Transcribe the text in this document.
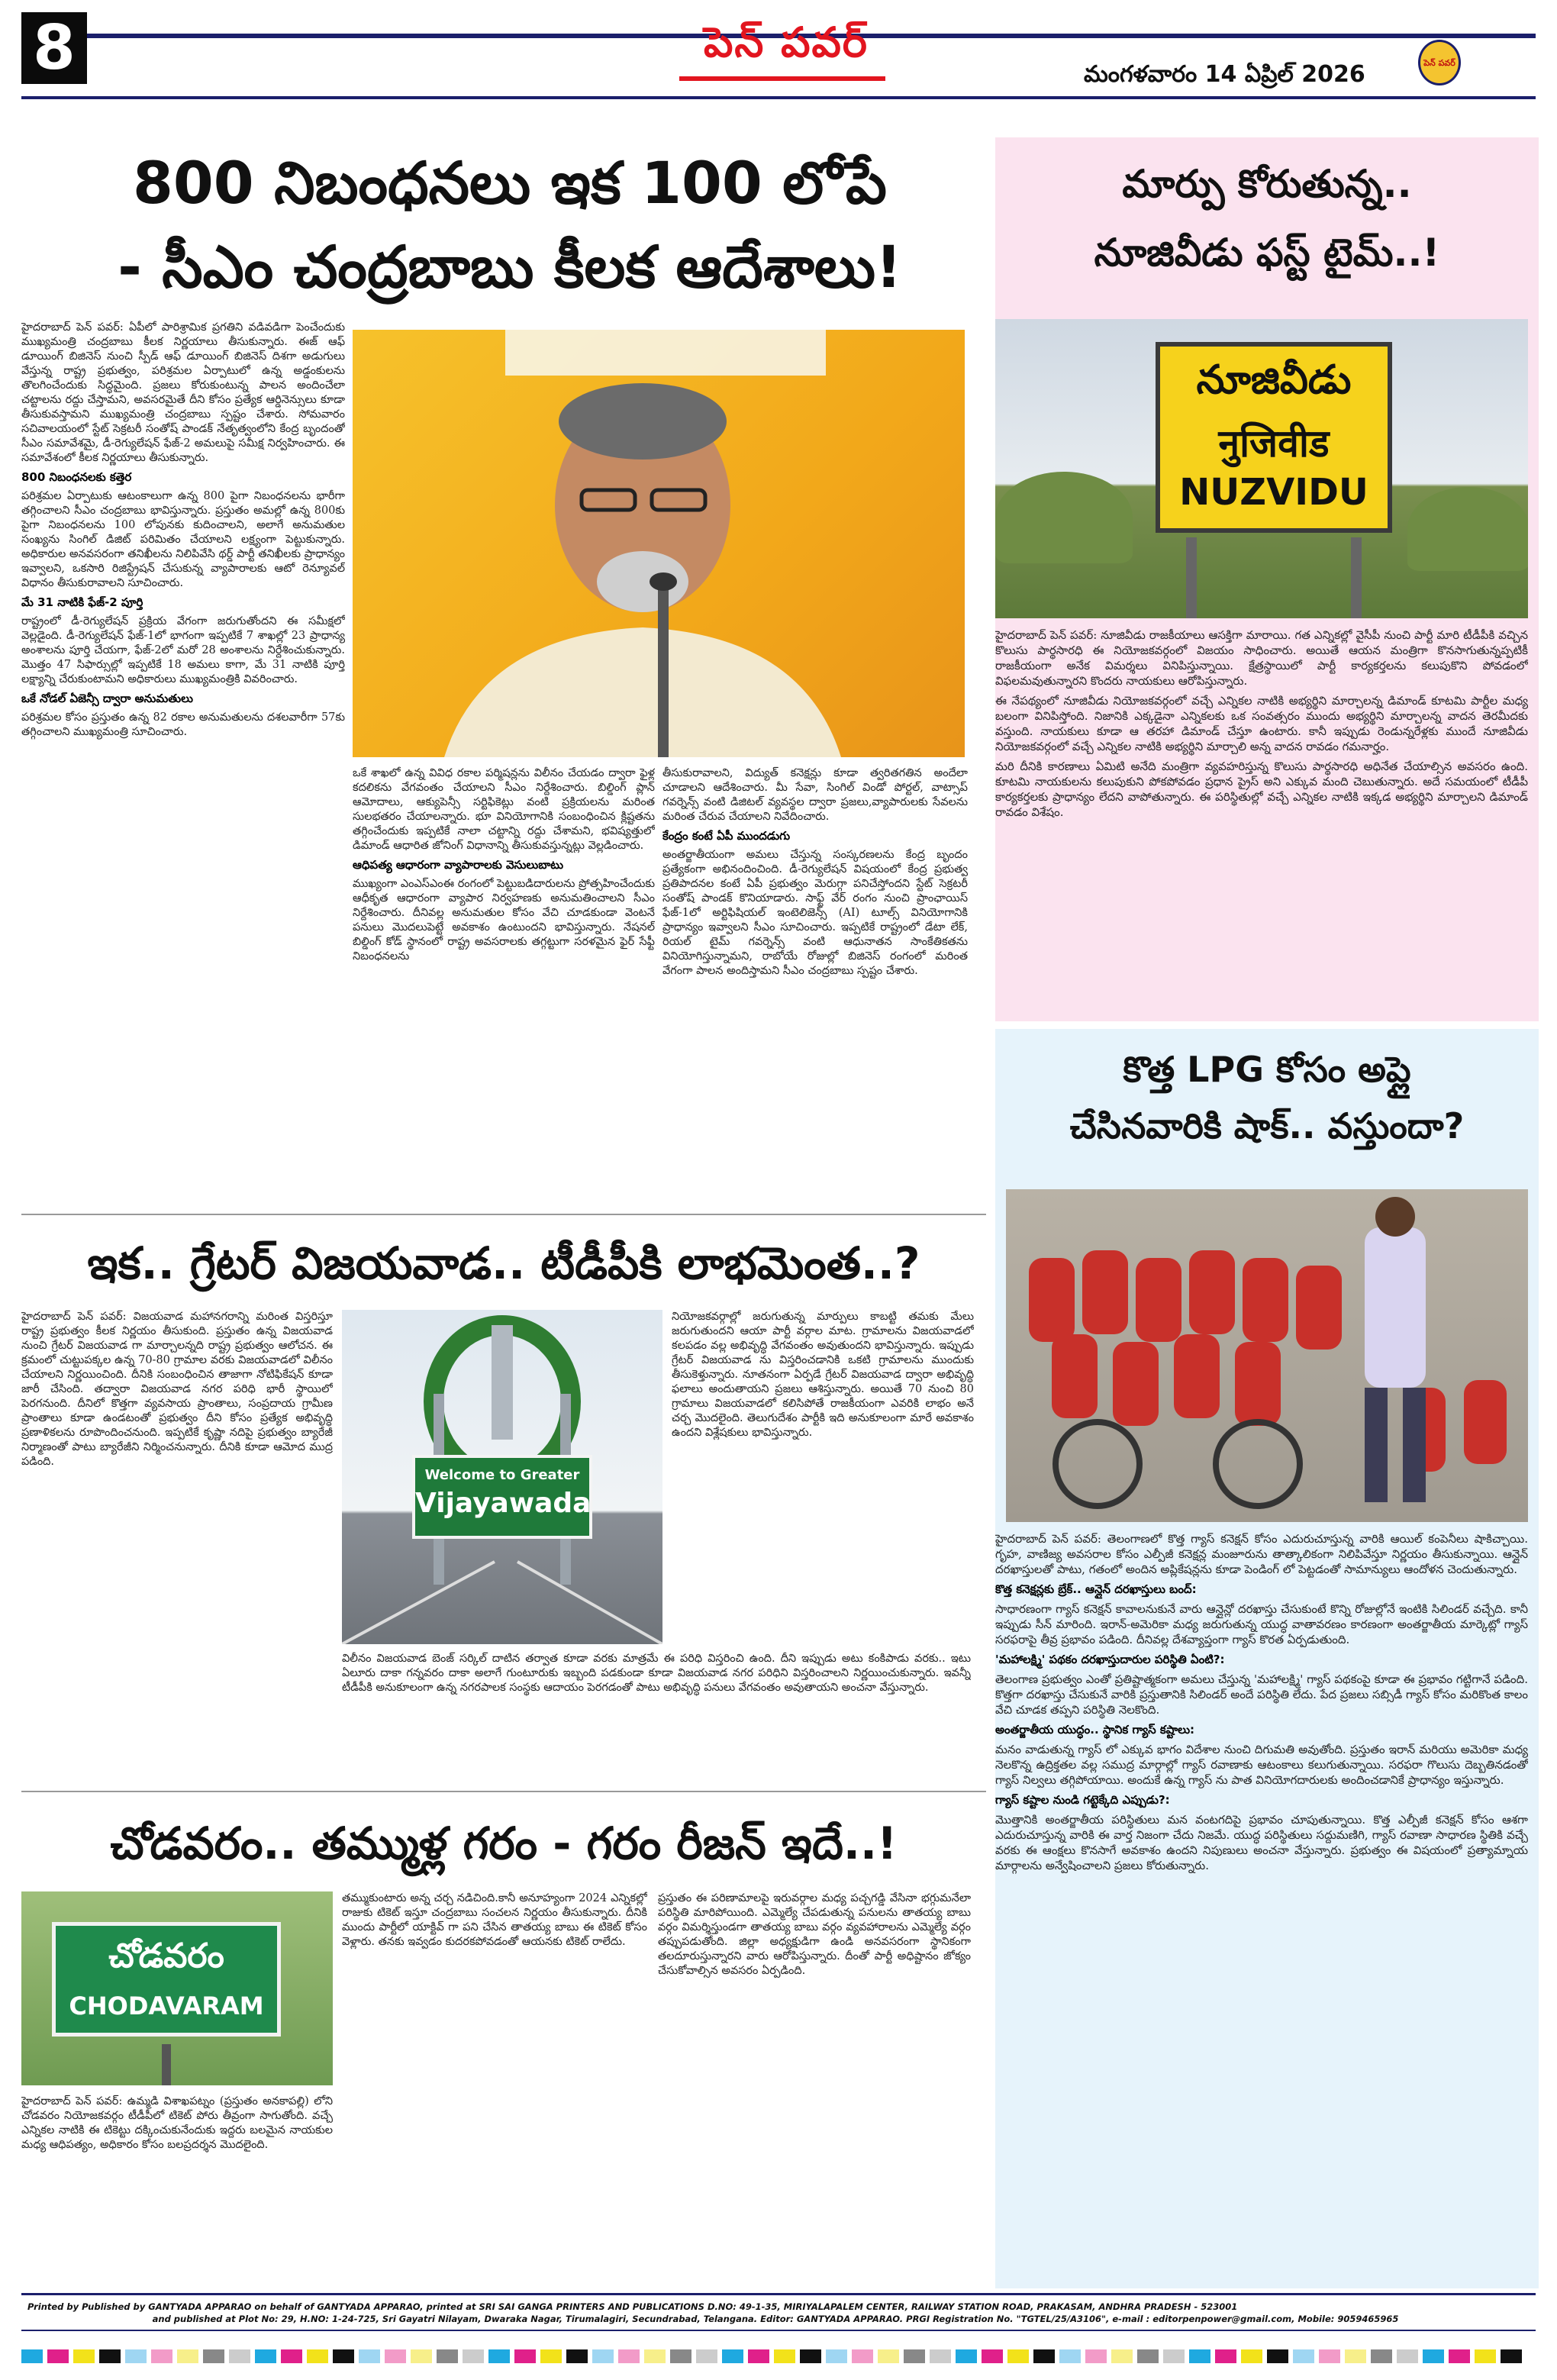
8	పెన్ పవర్
మంగళవారం 14 ఏప్రిల్ 2026	పెన్ పవర్
800 నిబంధనలు ఇక 100 లోపే
- సీఎం చంద్రబాబు కీలక ఆదేశాలు!

హైదరాబాద్ పెన్ పవర్: ఏపీలో పారిశ్రామిక ప్రగతిని వడివడిగా పెంచేందుకు ముఖ్యమంత్రి చంద్రబాబు కీలక నిర్ణయాలు తీసుకున్నారు. ఈజ్ ఆఫ్ డూయింగ్ బిజినెస్ నుంచి స్పీడ్ ఆఫ్ డూయింగ్ బిజినెస్ దిశగా అడుగులు వేస్తున్న రాష్ట్ర ప్రభుత్వం, పరిశ్రమల ఏర్పాటులో ఉన్న అడ్డంకులను తొలగించేందుకు సిద్ధమైంది. ప్రజలు కోరుకుంటున్న పాలన అందించేలా చట్టాలను రద్దు చేస్తామని, అవసరమైతే దీని కోసం ప్రత్యేక ఆర్డినెన్సులు కూడా తీసుకువస్తామని ముఖ్యమంత్రి చంద్రబాబు స్పష్టం చేశారు. సోమవారం సచివాలయంలో స్టేట్ సెక్రటరీ సంతోష్ పాండక్ నేతృత్వంలోని కేంద్ర బృందంతో సీఎం సమావేశమై, డీ-రెగ్యులేషన్ ఫేజ్-2 అమలుపై సమీక్ష నిర్వహించారు. ఈ సమావేశంలో కీలక నిర్ణయాలు తీసుకున్నారు.

800 నిబంధనలకు కత్తెర

పరిశ్రమల ఏర్పాటుకు ఆటంకాలుగా ఉన్న 800 పైగా నిబంధనలను భారీగా తగ్గించాలని సీఎం చంద్రబాబు భావిస్తున్నారు. ప్రస్తుతం అమల్లో ఉన్న 800కు పైగా నిబంధనలను 100 లోపునకు కుదించాలని, అలాగే అనుమతుల సంఖ్యను సింగిల్ డిజిట్ పరిమితం చేయాలని లక్ష్యంగా పెట్టుకున్నారు. అధికారుల అనవసరంగా తనిఖీలను నిలిపివేసి థర్డ్ పార్టీ తనిఖీలకు ప్రాధాన్యం ఇవ్వాలని, ఒకసారి రిజిస్ట్రేషన్ చేసుకున్న వ్యాపారాలకు ఆటో రెన్యూవల్ విధానం తీసుకురావాలని సూచించారు.

మే 31 నాటికి ఫేజ్-2 పూర్తి

రాష్ట్రంలో డీ-రెగ్యులేషన్ ప్రక్రియ వేగంగా జరుగుతోందని ఈ సమీక్షలో వెల్లడైంది. డీ-రెగ్యులేషన్ ఫేజ్-1లో భాగంగా ఇప్పటికే 7 శాఖల్లో 23 ప్రాధాన్య అంశాలను పూర్తి చేయగా, ఫేజ్-2లో మరో 28 అంశాలను నిర్దేశించుకున్నారు. మొత్తం 47 సిఫార్సుల్లో ఇప్పటికే 18 అమలు కాగా, మే 31 నాటికి పూర్తి లక్ష్యాన్ని చేరుకుంటామని అధికారులు ముఖ్యమంత్రికి వివరించారు.

ఒకే నోడల్ ఏజెన్సీ ద్వారా అనుమతులు

పరిశ్రమల కోసం ప్రస్తుతం ఉన్న 82 రకాల అనుమతులను దశలవారీగా 57కు తగ్గించాలని ముఖ్యమంత్రి సూచించారు.

ఒకే శాఖలో ఉన్న వివిధ రకాల పర్మిషన్లను విలీనం చేయడం ద్వారా ఫైళ్ల కదలికను వేగవంతం చేయాలని సీఎం నిర్దేశించారు. బిల్డింగ్ ప్లాన్ ఆమోదాలు, ఆక్యుపెన్సీ సర్టిఫికెట్లు వంటి ప్రక్రియలను మరింత సులభతరం చేయాలన్నారు. భూ వినియోగానికి సంబంధించిన క్లిష్టతను తగ్గించేందుకు ఇప్పటికే నాలా చట్టాన్ని రద్దు చేశామని, భవిష్యత్తులో డిమాండ్ ఆధారిత జోనింగ్ విధానాన్ని తీసుకువస్తున్నట్లు వెల్లడించారు.

ఆధిపత్య ఆధారంగా వ్యాపారాలకు వెసులుబాటు

ముఖ్యంగా ఎంఎస్ఎంఈ రంగంలో పెట్టుబడిదారులను ప్రోత్సహించేందుకు ఆధీకృత ఆధారంగా వ్యాపార నిర్వహణకు అనుమతించాలని సీఎం నిర్దేశించారు. దీనివల్ల అనుమతుల కోసం వేచి చూడకుండా వెంటనే పనులు మొదలుపెట్టే అవకాశం ఉంటుందని భావిస్తున్నారు. నేషనల్ బిల్డింగ్ కోడ్ స్థానంలో రాష్ట్ర అవసరాలకు తగ్గట్టుగా సరళమైన ఫైర్ సేఫ్టీ నిబంధనలను

తీసుకురావాలని, విద్యుత్ కనెక్షన్లు కూడా త్వరితగతిన అందేలా చూడాలని ఆదేశించారు. మీ సేవా, సింగిల్ విండో పోర్టల్, వాట్సాప్ గవర్నెన్స్ వంటి డిజిటల్ వ్యవస్థల ద్వారా ప్రజలు,వ్యాపారులకు సేవలను మరింత చేరువ చేయాలని నివేదించారు.

కేంద్రం కంటే ఏపీ ముందడుగు

అంతర్జాతీయంగా అమలు చేస్తున్న సంస్కరణలను కేంద్ర బృందం ప్రత్యేకంగా అభినందించింది. డీ-రెగ్యులేషన్ విషయంలో కేంద్ర ప్రభుత్వ ప్రతిపాదనల కంటే ఏపీ ప్రభుత్వం మెరుగ్గా పనిచేస్తోందని స్టేట్ సెక్రటరీ సంతోష్ పాండక్ కొనియాడారు. సాఫ్ట్ వేర్ రంగం నుంచి ప్రాంఛాయిస్ ఫేజ్-1లో అర్టిఫిషియల్ ఇంటెలిజెన్స్ (AI) టూల్స్ వినియోగానికి ప్రాధాన్యం ఇవ్వాలని సీఎం సూచించారు. ఇప్పటికే రాష్ట్రంలో డేటా లేక్, రియల్ టైమ్ గవర్నెన్స్ వంటి ఆధునాతన సాంకేతికతను వినియోగిస్తున్నామని, రాబోయే రోజుల్లో బిజినెస్ రంగంలో మరింత వేగంగా పాలన అందిస్తామని సీఎం చంద్రబాబు స్పష్టం చేశారు.

మార్పు కోరుతున్న..
నూజివీడు ఫస్ట్ టైమ్..!
నూజివీడు
नुजिवीड
NUZVIDU

హైదరాబాద్ పెన్ పవర్: నూజివీడు రాజకీయాలు ఆసక్తిగా మారాయి. గత ఎన్నికల్లో వైసీపీ నుంచి పార్టీ మారి టీడీపీకి వచ్చిన కొలుసు పార్థసారధి ఈ నియోజకవర్గంలో విజయం సాధించారు. అయితే ఆయన మంత్రిగా కొనసాగుతున్నప్పటికీ రాజకీయంగా అనేక విమర్శలు వినిపిస్తున్నాయి. క్షేత్రస్థాయిలో పార్టీ కార్యకర్తలను కలుపుకొని పోవడంలో విఫలమవుతున్నారని కొందరు నాయకులు ఆరోపిస్తున్నారు.

ఈ నేపథ్యంలో నూజివీడు నియోజకవర్గంలో వచ్చే ఎన్నికల నాటికి అభ్యర్థిని మార్చాలన్న డిమాండ్ కూటమి పార్టీల మధ్య బలంగా వినిపిస్తోంది. నిజానికి ఎక్కడైనా ఎన్నికలకు ఒక సంవత్సరం ముందు అభ్యర్థిని మార్చాలన్న వాదన తెరమీదకు వస్తుంది. నాయకులు కూడా ఆ తరహా డిమాండ్ చేస్తూ ఉంటారు. కానీ ఇప్పుడు రెండున్నరేళ్లకు ముందే నూజివీడు నియోజకవర్గంలో వచ్చే ఎన్నికల నాటికి అభ్యర్థిని మార్చాలి అన్న వాదన రావడం గమనార్హం.

మరి దీనికి కారణాలు ఏమిటి అనేది మంత్రిగా వ్యవహరిస్తున్న కొలుసు పార్థసారధి అధినేత చేయాల్సిన అవసరం ఉంది. కూటమి నాయకులను కలుపుకుని పోకపోవడం ప్రధాన ప్రైస్ అని ఎక్కువ మంది చెబుతున్నారు. అదే సమయంలో టీడీపీ కార్యకర్తలకు ప్రాధాన్యం లేదని వాపోతున్నారు. ఈ పరిస్థితుల్లో వచ్చే ఎన్నికల నాటికి ఇక్కడ అభ్యర్థిని మార్చాలని డిమాండ్ రావడం విశేషం.

ఇక.. గ్రేటర్ విజయవాడ.. టీడీపీకి లాభమెంత..?

హైదరాబాద్ పెన్ పవర్: విజయవాడ మహానగరాన్ని మరింత విస్తరిస్తూ రాష్ట్ర ప్రభుత్వం కీలక నిర్ణయం తీసుకుంది. ప్రస్తుతం ఉన్న విజయవాడ నుంచి గ్రేటర్ విజయవాడ గా మార్చాలన్నది రాష్ట్ర ప్రభుత్వం ఆలోచన. ఈ క్రమంలో చుట్టుపక్కల ఉన్న 70-80 గ్రామాల వరకు విజయవాడలో విలీనం చేయాలని నిర్ణయించింది. దీనికి సంబంధించిన తాజాగా నోటిఫికేషన్ కూడా జారీ చేసింది. తద్వారా విజయవాడ నగర పరిధి భారీ స్థాయిలో పెరగనుంది. దీనిలో కొత్తగా వ్యవసాయ ప్రాంతాలు, సంప్రదాయ గ్రామీణ ప్రాంతాలు కూడా ఉండటంతో ప్రభుత్వం దీని కోసం ప్రత్యేక అభివృద్ధి ప్రణాళికలను రూపొందించనుంది. ఇప్పటికే కృష్ణా నదిపై ప్రభుత్వం బ్యారేజీ నిర్మాణంతో పాటు బ్యారేజీని నిర్మించనున్నారు. దీనికి కూడా ఆమోద ముద్ర పడింది.

Welcome to Greater
Vijayawada

విలీనం విజయవాడ బెంజ్ సర్కిల్ దాటిన తర్వాత కూడా వరకు మాత్రమే ఈ పరిధి విస్తరించి ఉంది. దీని ఇప్పుడు అటు కంకిపాడు వరకు.. ఇటు ఏలూరు దాకా గన్నవరం దాకా అలాగే గుంటూరుకు ఇబ్బంది పడకుండా కూడా విజయవాడ నగర పరిధిని విస్తరించాలని నిర్ణయించుకున్నారు. ఇవన్నీ టీడీపీకి అనుకూలంగా ఉన్న నగరపాలక సంస్థకు ఆదాయం పెరగడంతో పాటు అభివృద్ధి పనులు వేగవంతం అవుతాయని అంచనా వేస్తున్నారు.

నియోజకవర్గాల్లో జరుగుతున్న మార్పులు కాబట్టి తమకు మేలు జరుగుతుందని ఆయా పార్టీ వర్గాల మాట. గ్రామాలను విజయవాడలో కలపడం వల్ల అభివృద్ధి వేగవంతం అవుతుందని భావిస్తున్నారు. ఇప్పుడు గ్రేటర్ విజయవాడ ను విస్తరించడానికి ఒకటి గ్రామాలను ముందుకు తీసుకెళ్తున్నారు. నూతనంగా ఏర్పడే గ్రేటర్ విజయవాడ ద్వారా అభివృద్ధి ఫలాలు అందుతాయని ప్రజలు ఆశిస్తున్నారు. అయితే 70 నుంచి 80 గ్రామాలు విజయవాడలో కలిసిపోతే రాజకీయంగా ఎవరికి లాభం అనే చర్చ మొదలైంది. తెలుగుదేశం పార్టీకి ఇది అనుకూలంగా మారే అవకాశం ఉందని విశ్లేషకులు భావిస్తున్నారు.

కొత్త LPG కోసం అప్లై
చేసినవారికి షాక్.. వస్తుందా?

హైదరాబాద్ పెన్ పవర్: తెలంగాణలో కొత్త గ్యాస్ కనెక్షన్ కోసం ఎదురుచూస్తున్న వారికి ఆయిల్ కంపెనీలు షాకిచ్చాయి. గృహ, వాణిజ్య అవసరాల కోసం ఎల్పీజీ కనెక్షన్ల మంజూరును తాత్కాలికంగా నిలిపివేస్తూ నిర్ణయం తీసుకున్నాయి. ఆన్లైన్ దరఖాస్తులతో పాటు, గతంలో అందిన అప్లికేషన్లను కూడా పెండింగ్ లో పెట్టడంతో సామాన్యులు ఆందోళన చెందుతున్నారు.

కొత్త కనెక్షన్లకు బ్రేక్.. ఆన్లైన్ దరఖాస్తులు బంద్:

సాధారణంగా గ్యాస్ కనెక్షన్ కావాలనుకునే వారు ఆన్లైన్లో దరఖాస్తు చేసుకుంటే కొన్ని రోజుల్లోనే ఇంటికి సిలిండర్ వచ్చేది. కానీ ఇప్పుడు సీన్ మారింది. ఇరాన్-అమెరికా మధ్య జరుగుతున్న యుద్ధ వాతావరణం కారణంగా అంతర్జాతీయ మార్కెట్లో గ్యాస్ సరఫరాపై తీవ్ర ప్రభావం పడింది. దీనివల్ల దేశవ్యాప్తంగా గ్యాస్ కొరత ఏర్పడుతుంది.

'మహాలక్ష్మి' పథకం దరఖాస్తుదారుల పరిస్థితి ఏంటి?:

తెలంగాణ ప్రభుత్వం ఎంతో ప్రతిష్టాత్మకంగా అమలు చేస్తున్న 'మహాలక్ష్మి' గ్యాస్ పథకంపై కూడా ఈ ప్రభావం గట్టిగానే పడింది. కొత్తగా దరఖాస్తు చేసుకునే వారికి ప్రస్తుతానికి సిలిండర్ అందే పరిస్థితి లేదు. పేద ప్రజలు సబ్సిడీ గ్యాస్ కోసం మరికొంత కాలం వేచి చూడక తప్పని పరిస్థితి నెలకొంది.

అంతర్జాతీయ యుద్ధం.. స్థానిక గ్యాస్ కష్టాలు:

మనం వాడుతున్న గ్యాస్ లో ఎక్కువ భాగం విదేశాల నుంచి దిగుమతి అవుతోంది. ప్రస్తుతం ఇరాన్ మరియు అమెరికా మధ్య నెలకొన్న ఉద్రిక్తతల వల్ల సముద్ర మార్గాల్లో గ్యాస్ రవాణాకు ఆటంకాలు కలుగుతున్నాయి. సరఫరా గొలుసు దెబ్బతినడంతో గ్యాస్ నిల్వలు తగ్గిపోయాయి. అందుకే ఉన్న గ్యాస్ ను పాత వినియోగదారులకు అందించడానికే ప్రాధాన్యం ఇస్తున్నారు.

గ్యాస్ కష్టాల నుండి గట్టెక్కేది ఎప్పుడు?:

మొత్తానికి అంతర్జాతీయ పరిస్థితులు మన వంటగదిపై ప్రభావం చూపుతున్నాయి. కొత్త ఎల్పీజీ కనెక్షన్ కోసం ఆశగా ఎదురుచూస్తున్న వారికి ఈ వార్త నిజంగా చేదు నిజమే. యుద్ధ పరిస్థితులు సద్దుమణిగి, గ్యాస్ రవాణా సాధారణ స్థితికి వచ్చే వరకు ఈ ఆంక్షలు కొనసాగే అవకాశం ఉందని నిపుణులు అంచనా వేస్తున్నారు. ప్రభుత్వం ఈ విషయంలో ప్రత్యామ్నాయ మార్గాలను అన్వేషించాలని ప్రజలు కోరుతున్నారు.

చోడవరం.. తమ్ముళ్ల గరం - గరం రీజన్ ఇదే..!
చోడవరం
CHODAVARAM

హైదరాబాద్ పెన్ పవర్: ఉమ్మడి విశాఖపట్నం (ప్రస్తుతం అనకాపల్లి) లోని చోడవరం నియోజకవర్గం టీడీపీలో టికెట్ పోరు తీవ్రంగా సాగుతోంది. వచ్చే ఎన్నికల నాటికి ఈ టికెట్టు దక్కించుకునేందుకు ఇద్దరు బలమైన నాయకుల మధ్య ఆధిపత్యం, అధికారం కోసం బలప్రదర్శన మొదలైంది.

తమ్ముకుంటారు అన్న చర్చ నడిచింది.కానీ అనూహ్యంగా 2024 ఎన్నికల్లో రాజుకు టికెట్ ఇస్తూ చంద్రబాబు సంచలన నిర్ణయం తీసుకున్నారు. దీనికి ముందు పార్టీలో యాక్టివ్ గా పని చేసిన తాతయ్య బాబు ఈ టికెట్ కోసం వెళ్లారు. తనకు ఇవ్వడం కుదరకపోవడంతో ఆయనకు టికెట్ రాలేదు.

ప్రస్తుతం ఈ పరిణామాలపై ఇరువర్గాల మధ్య పచ్చగడ్డి వేసినా భగ్గుమనేలా పరిస్థితి మారిపోయింది. ఎమ్మెల్యే చేపడుతున్న పనులను తాతయ్య బాబు వర్గం విమర్శిస్తుండగా తాతయ్య బాబు వర్గం వ్యవహారాలను ఎమ్మెల్యే వర్గం తప్పుపడుతోంది. జిల్లా అధ్యక్షుడిగా ఉండి అనవసరంగా స్థానికంగా తలదూరుస్తున్నారని వారు ఆరోపిస్తున్నారు. దీంతో పార్టీ అధిష్టానం జోక్యం చేసుకోవాల్సిన అవసరం ఏర్పడింది.

Printed by Published by GANTYADA APPARAO on behalf of GANTYADA APPARAO, printed at SRI SAI GANGA PRINTERS AND PUBLICATIONS D.NO: 49-1-35, MIRIYALAPALEM CENTER, RAILWAY STATION ROAD, PRAKASAM, ANDHRA PRADESH - 523001
and published at Plot No: 29, H.NO: 1-24-725, Sri Gayatri Nilayam, Dwaraka Nagar, Tirumalagiri, Secundrabad, Telangana. Editor: GANTYADA APPARAO. PRGI Registration No. "TGTEL/25/A3106", e-mail : editorpenpower@gmail.com, Mobile: 9059465965
